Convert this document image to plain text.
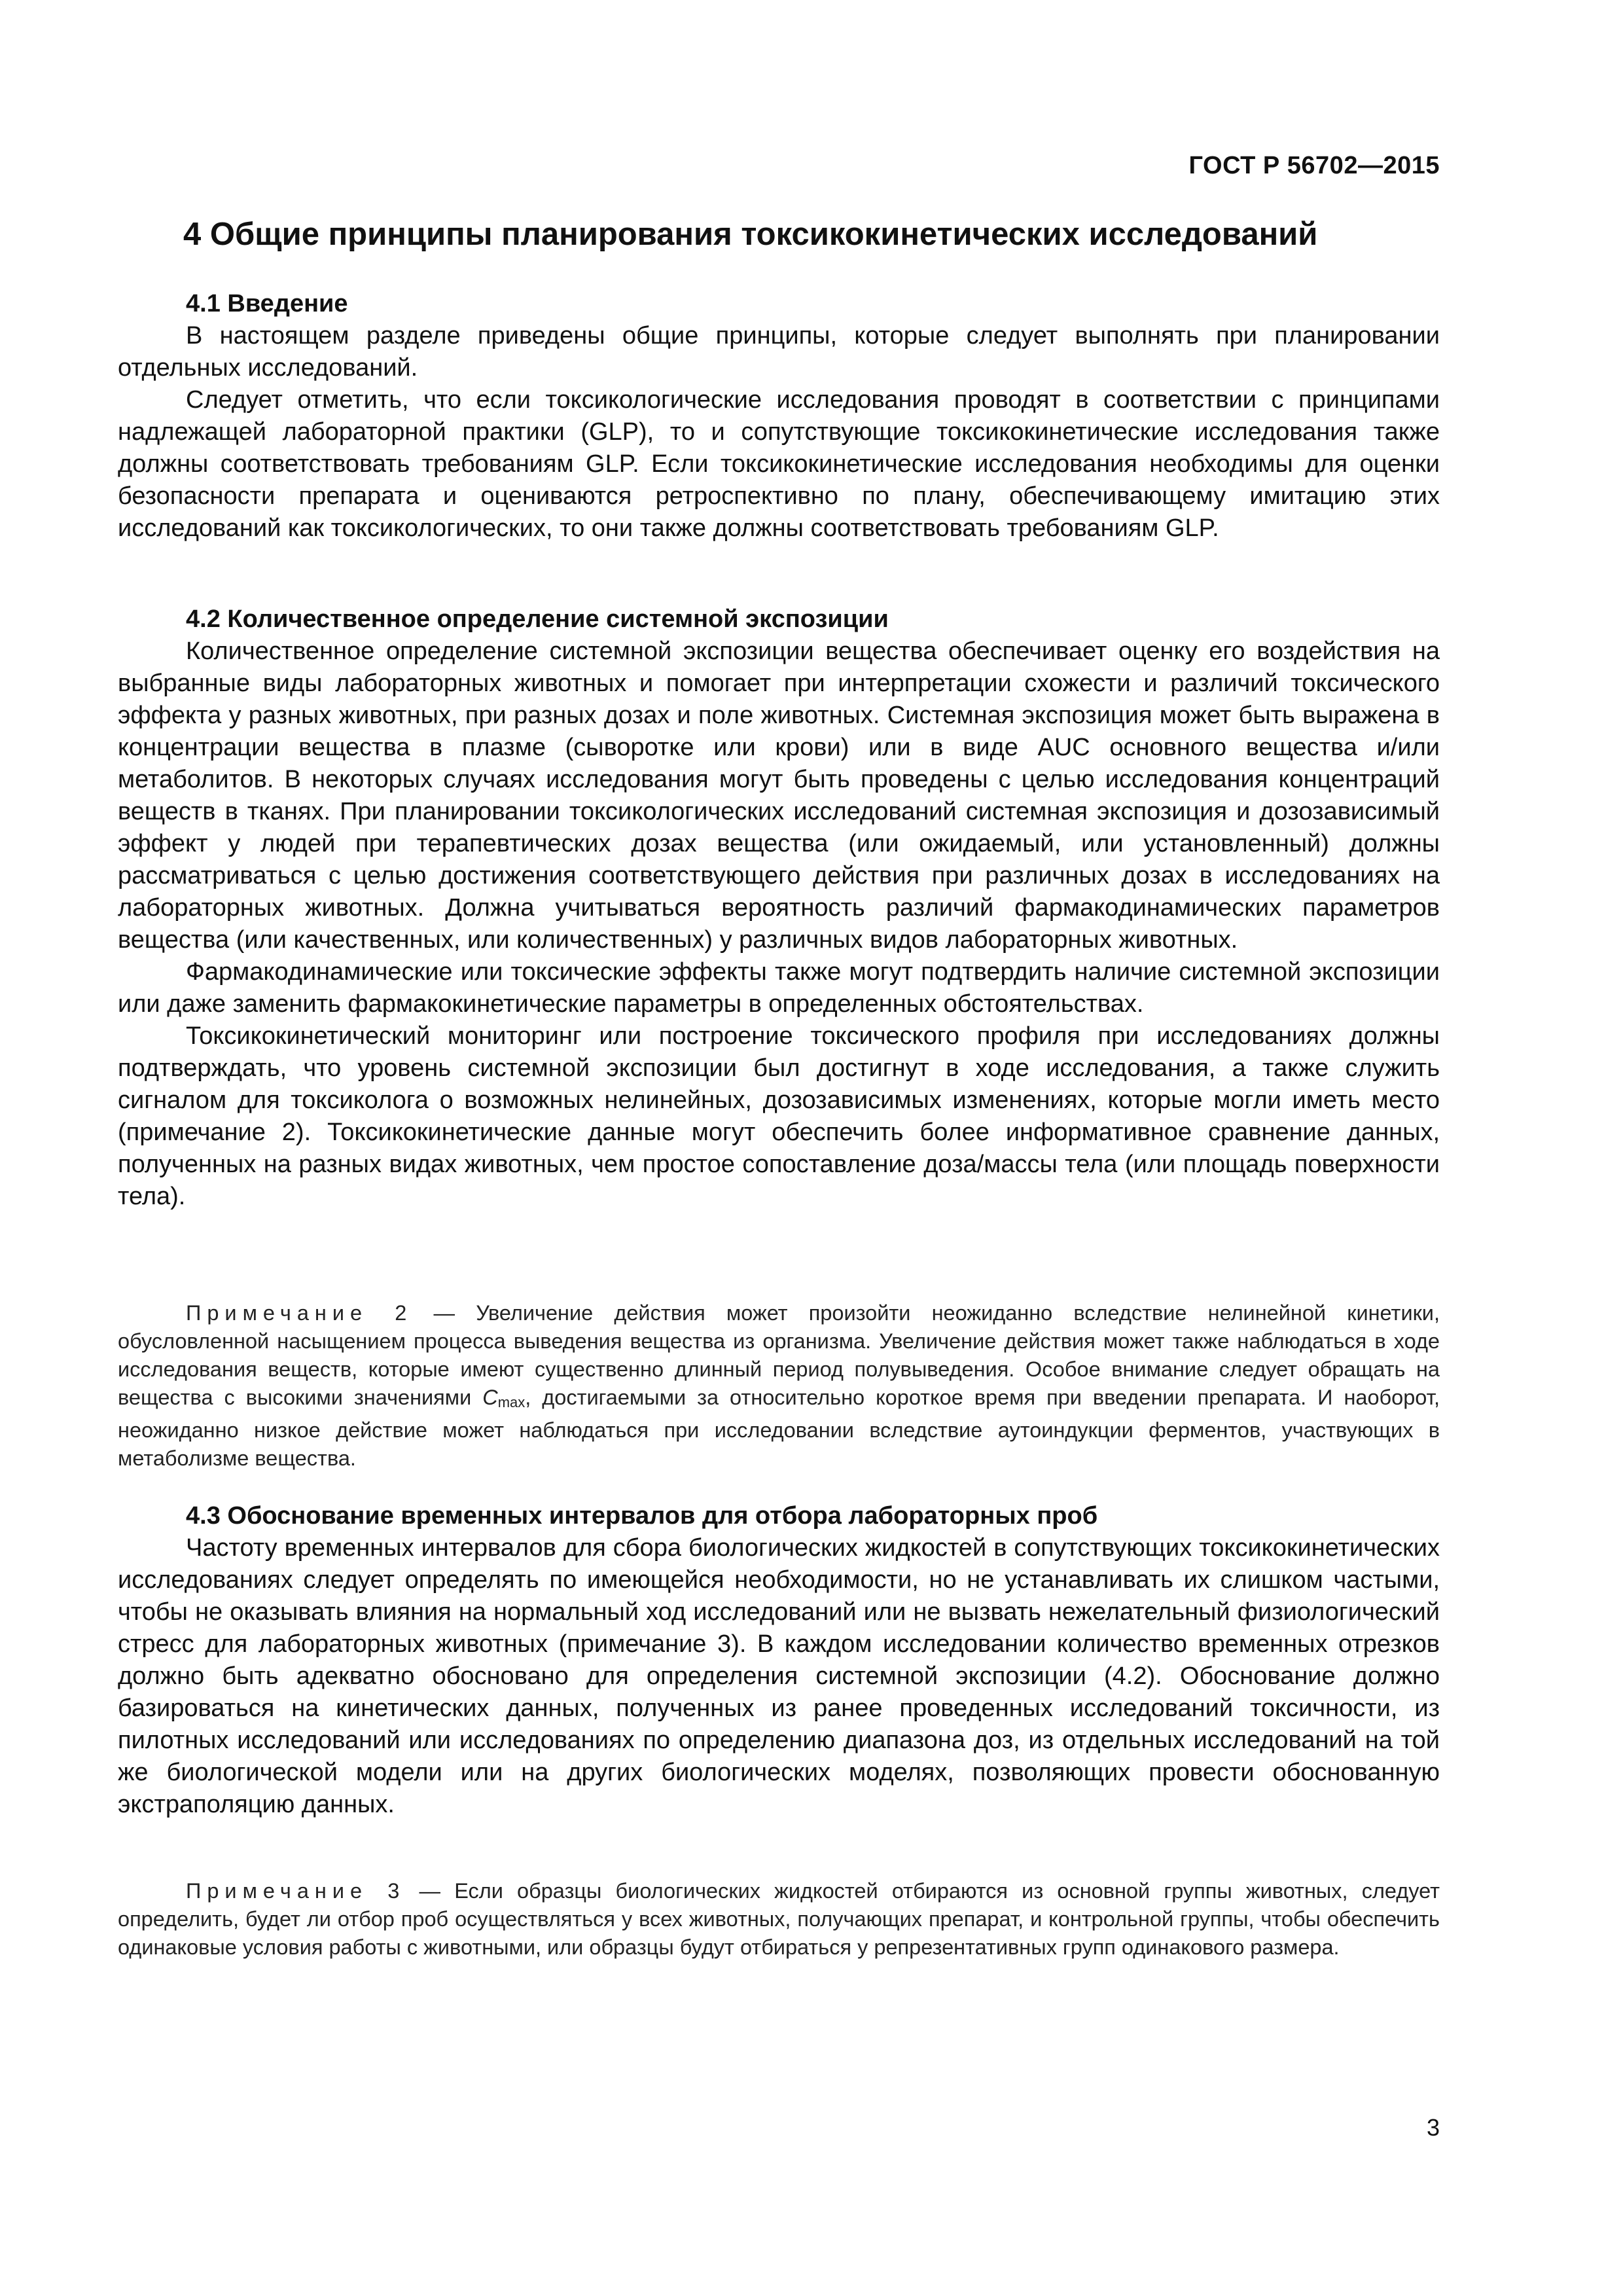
ГОСТ Р 56702—2015
4 Общие принципы планирования токсикокинетических исследований

4.1 Введение

В настоящем разделе приведены общие принципы, которые следует выполнять при планировании отдельных исследований.

Следует отметить, что если токсикологические исследования проводят в соответствии с принципами надлежащей лабораторной практики (GLP), то и сопутствующие токсикокинетические исследования также должны соответствовать требованиям GLP. Если токсикокинетические исследования необходимы для оценки безопасности препарата и оцениваются ретроспективно по плану, обеспечивающему имитацию этих исследований как токсикологических, то они также должны соответствовать требованиям GLP.

4.2 Количественное определение системной экспозиции

Количественное определение системной экспозиции вещества обеспечивает оценку его воздействия на выбранные виды лабораторных животных и помогает при интерпретации схожести и различий токсического эффекта у разных животных, при разных дозах и поле животных. Системная экспозиция может быть выражена в концентрации вещества в плазме (сыворотке или крови) или в виде AUC основного вещества и/или метаболитов. В некоторых случаях исследования могут быть проведены с целью исследования концентраций веществ в тканях. При планировании токсикологических исследований системная экспозиция и дозозависимый эффект у людей при терапевтических дозах вещества (или ожидаемый, или установленный) должны рассматриваться с целью достижения соответствующего действия при различных дозах в исследованиях на лабораторных животных. Должна учитываться вероятность различий фармакодинамических параметров вещества (или качественных, или количественных) у различных видов лабораторных животных.

Фармакодинамические или токсические эффекты также могут подтвердить наличие системной экспозиции или даже заменить фармакокинетические параметры в определенных обстоятельствах.

Токсикокинетический мониторинг или построение токсического профиля при исследованиях должны подтверждать, что уровень системной экспозиции был достигнут в ходе исследования, а также служить сигналом для токсиколога о возможных нелинейных, дозозависимых изменениях, которые могли иметь место (примечание 2). Токсикокинетические данные могут обеспечить более информативное сравнение данных, полученных на разных видах животных, чем простое сопоставление доза/массы тела (или площадь поверхности тела).

Примечание 2 — Увеличение действия может произойти неожиданно вследствие нелинейной кинетики, обусловленной насыщением процесса выведения вещества из организма. Увеличение действия может также наблюдаться в ходе исследования веществ, которые имеют существенно длинный период полувыведения. Особое внимание следует обращать на вещества с высокими значениями $C_{max}$, достигаемыми за относительно короткое время при введении препарата. И наоборот, неожиданно низкое действие может наблюдаться при исследовании вследствие аутоиндукции ферментов, участвующих в метаболизме вещества.

4.3 Обоснование временных интервалов для отбора лабораторных проб

Частоту временных интервалов для сбора биологических жидкостей в сопутствующих токсикокинетических исследованиях следует определять по имеющейся необходимости, но не устанавливать их слишком частыми, чтобы не оказывать влияния на нормальный ход исследований или не вызвать нежелательный физиологический стресс для лабораторных животных (примечание 3). В каждом исследовании количество временных отрезков должно быть адекватно обосновано для определения системной экспозиции (4.2). Обоснование должно базироваться на кинетических данных, полученных из ранее проведенных исследований токсичности, из пилотных исследований или исследованиях по определению диапазона доз, из отдельных исследований на той же биологической модели или на других биологических моделях, позволяющих провести обоснованную экстраполяцию данных.

Примечание 3 — Если образцы биологических жидкостей отбираются из основной группы животных, следует определить, будет ли отбор проб осуществляться у всех животных, получающих препарат, и контрольной группы, чтобы обеспечить одинаковые условия работы с животными, или образцы будут отбираться у репрезентативных групп одинакового размера.

3
